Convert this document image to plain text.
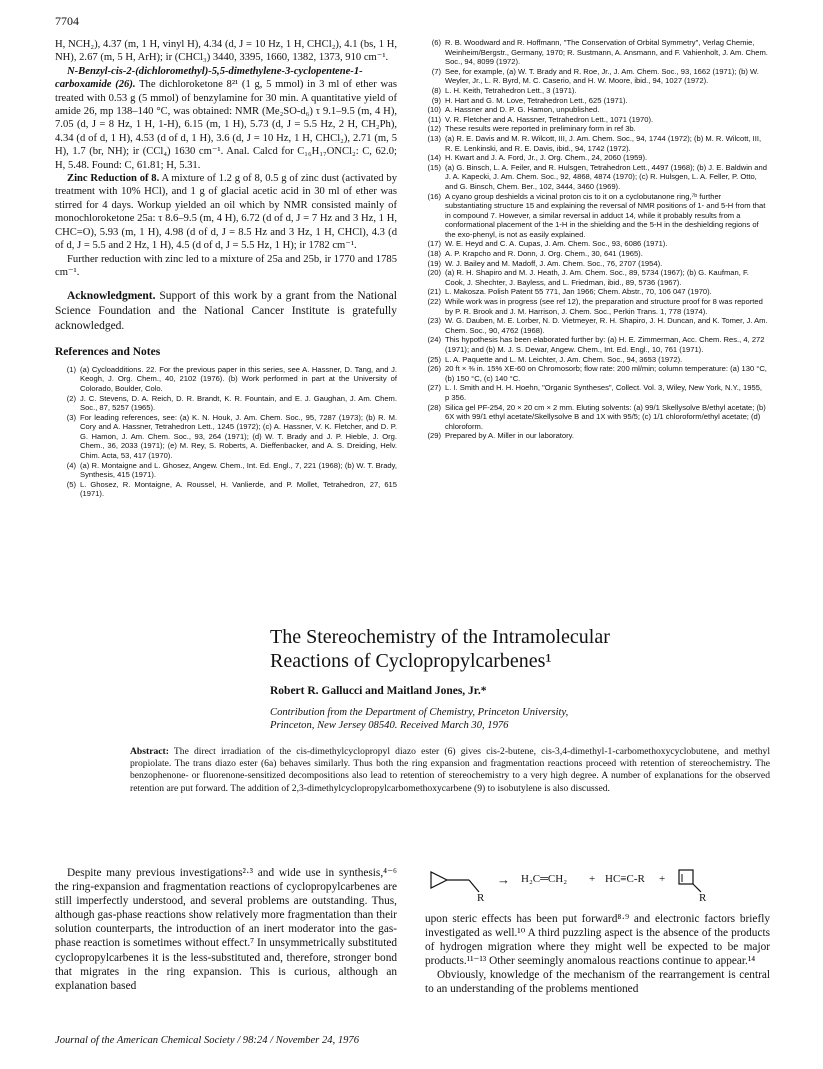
7704

H, NCH₂), 4.37 (m, 1 H, vinyl H), 4.34 (d, J = 10 Hz, 1 H, CHCl₂), 4.1 (bs, 1 H, NH), 2.67 (m, 5 H, ArH); ir (CHCl₃) 3440, 3395, 1660, 1382, 1373, 910 cm⁻¹.

N-Benzyl-cis-2-(dichloromethyl)-5,5-dimethylene-3-cyclopentene-1-carboxamide (26). The dichloroketone 8²¹ (1 g, 5 mmol) in 3 ml of ether was treated with 0.53 g (5 mmol) of benzylamine for 30 min. A quantitative yield of amide 26, mp 138–140 °C, was obtained: NMR (Me₂SO-d₆) τ 9.1–9.5 (m, 4 H), 7.05 (d, J = 8 Hz, 1 H, 1-H), 6.15 (m, 1 H), 5.73 (d, J = 5.5 Hz, 2 H, CH₂Ph), 4.34 (d of d, 1 H), 4.53 (d of d, 1 H), 3.6 (d, J = 10 Hz, 1 H, CHCl₂), 2.71 (m, 5 H), 1.7 (br, NH); ir (CCl₄) 1630 cm⁻¹. Anal. Calcd for C₁₆H₁₇ONCl₂: C, 62.0; H, 5.48. Found: C, 61.81; H, 5.31.

Zinc Reduction of 8. A mixture of 1.2 g of 8, 0.5 g of zinc dust (activated by treatment with 10% HCl), and 1 g of glacial acetic acid in 30 ml of ether was stirred for 4 days. Workup yielded an oil which by NMR consisted mainly of monochloroketone 25a: τ 8.6–9.5 (m, 4 H), 6.72 (d of d, J = 7 Hz and 3 Hz, 1 H, CHC=O), 5.93 (m, 1 H), 4.98 (d of d, J = 8.5 Hz and 3 Hz, 1 H, CHCl), 4.3 (d of d, J = 5.5 and 2 Hz, 1 H), 4.5 (d of d, J = 5.5 Hz, 1 H); ir 1782 cm⁻¹.

Further reduction with zinc led to a mixture of 25a and 25b, ir 1770 and 1785 cm⁻¹.

Acknowledgment. Support of this work by a grant from the National Science Foundation and the National Cancer Institute is gratefully acknowledged.

References and Notes
(1) (a) Cycloadditions. 22. For the previous paper in this series, see A. Hassner, D. Tang, and J. Keogh, J. Org. Chem., 40, 2102 (1976). (b) Work performed in part at the University of Colorado, Boulder, Colo.
(2) J. C. Stevens, D. A. Reich, D. R. Brandt, K. R. Fountain, and E. J. Gaughan, J. Am. Chem. Soc., 87, 5257 (1965).
(3) For leading references, see: (a) K. N. Houk, J. Am. Chem. Soc., 95, 7287 (1973); (b) R. M. Cory and A. Hassner, Tetrahedron Lett., 1245 (1972); (c) A. Hassner, V. K. Fletcher, and D. P. G. Hamon, J. Am. Chem. Soc., 93, 264 (1971); (d) W. T. Brady and J. P. Hieble, J. Org. Chem., 36, 2033 (1971); (e) M. Rey, S. Roberts, A. Dieffenbacker, and A. S. Dreiding, Helv. Chim. Acta, 53, 417 (1970).
(4) (a) R. Montaigne and L. Ghosez, Angew. Chem., Int. Ed. Engl., 7, 221 (1968); (b) W. T. Brady, Synthesis, 415 (1971).
(5) L. Ghosez, R. Montaigne, A. Roussel, H. Vanlierde, and P. Mollet, Tetrahedron, 27, 615 (1971).
(6) R. B. Woodward and R. Hoffmann, "The Conservation of Orbital Symmetry", Verlag Chemie, Weinheim/Bergstr., Germany, 1970; R. Sustmann, A. Ansmann, and F. Vahienholt, J. Am. Chem. Soc., 94, 8099 (1972).
(7) See, for example, (a) W. T. Brady and R. Roe, Jr., J. Am. Chem. Soc., 93, 1662 (1971); (b) W. Weyler, Jr., L. R. Byrd, M. C. Caserio, and H. W. Moore, ibid., 94, 1027 (1972).
(8) L. H. Keith, Tetrahedron Lett., 3 (1971).
(9) H. Hart and G. M. Love, Tetrahedron Lett., 625 (1971).
(10) A. Hassner and D. P. G. Hamon, unpublished.
(11) V. R. Fletcher and A. Hassner, Tetrahedron Lett., 1071 (1970).
(12) These results were reported in preliminary form in ref 3b.
(13) (a) R. E. Davis and M. R. Wilcott, III, J. Am. Chem. Soc., 94, 1744 (1972); (b) M. R. Wilcott, III, R. E. Lenkinski, and R. E. Davis, ibid., 94, 1742 (1972).
(14) H. Kwart and J. A. Ford, Jr., J. Org. Chem., 24, 2060 (1959).
(15) (a) G. Binsch, L. A. Feiler, and R. Hulsgen, Tetrahedron Lett., 4497 (1968); (b) J. E. Baldwin and J. A. Kapecki, J. Am. Chem. Soc., 92, 4868, 4874 (1970); (c) R. Hulsgen, L. A. Feller, P. Otto, and G. Binsch, Chem. Ber., 102, 3444, 3460 (1969).
(16) A cyano group deshields a vicinal proton cis to it on a cyclobutanone ring,⁷ᵇ further substantiating structure 15 and explaining the reversal of NMR positions of 1- and 5-H from that in compound 7. However, a similar reversal in adduct 14, while it probably results from a conformational placement of the 1-H in the shielding and the 5-H in the deshielding regions of the exo-phenyl, is not as easily explained.
(17) W. E. Heyd and C. A. Cupas, J. Am. Chem. Soc., 93, 6086 (1971).
(18) A. P. Krapcho and R. Donn, J. Org. Chem., 30, 641 (1965).
(19) W. J. Bailey and M. Madoff, J. Am. Chem. Soc., 76, 2707 (1954).
(20) (a) R. H. Shapiro and M. J. Heath, J. Am. Chem. Soc., 89, 5734 (1967); (b) G. Kaufman, F. Cook, J. Shechter, J. Bayless, and L. Friedman, ibid., 89, 5736 (1967).
(21) L. Makosza. Polish Patent 55 771, Jan 1966; Chem. Abstr., 70, 106 047 (1970).
(22) While work was in progress (see ref 12), the preparation and structure proof for 8 was reported by P. R. Brook and J. M. Harrison, J. Chem. Soc., Perkin Trans. 1, 778 (1974).
(23) W. G. Dauben, M. E. Lorber, N. D. Vietmeyer, R. H. Shapiro, J. H. Duncan, and K. Tomer, J. Am. Chem. Soc., 90, 4762 (1968).
(24) This hypothesis has been elaborated further by: (a) H. E. Zimmerman, Acc. Chem. Res., 4, 272 (1971); and (b) M. J. S. Dewar, Angew. Chem., Int. Ed. Engl., 10, 761 (1971).
(25) L. A. Paquette and L. M. Leichter, J. Am. Chem. Soc., 94, 3653 (1972).
(26) 20 ft × ⅜ in. 15% XE-60 on Chromosorb; flow rate: 200 ml/min; column temperature: (a) 130 °C, (b) 150 °C, (c) 140 °C.
(27) L. I. Smith and H. H. Hoehn, "Organic Syntheses", Collect. Vol. 3, Wiley, New York, N.Y., 1955, p 356.
(28) Silica gel PF-254, 20 × 20 cm × 2 mm. Eluting solvents: (a) 99/1 Skellysolve B/ethyl acetate; (b) 6X with 99/1 ethyl acetate/Skellysolve B and 1X with 95/5; (c) 1/1 chloroform/ethyl acetate; (d) chloroform.
(29) Prepared by A. Miller in our laboratory.
The Stereochemistry of the Intramolecular
Reactions of Cyclopropylcarbenes¹
Robert R. Gallucci and Maitland Jones, Jr.*
Contribution from the Department of Chemistry, Princeton University,
Princeton, New Jersey 08540. Received March 30, 1976
Abstract: The direct irradiation of the cis-dimethylcyclopropyl diazo ester (6) gives cis-2-butene, cis-3,4-dimethyl-1-carbomethoxycyclobutene, and methyl propiolate. The trans diazo ester (6a) behaves similarly. Thus both the ring expansion and fragmentation reactions proceed with retention of stereochemistry. The benzophenone- or fluorenone-sensitized decompositions also lead to retention of stereochemistry to a very high degree. A number of explanations for the observed retention are put forward. The addition of 2,3-dimethylcyclopropylcarbomethoxycarbene (9) to isobutylene is also discussed.

Despite many previous investigations²·³ and wide use in synthesis,⁴⁻⁶ the ring-expansion and fragmentation reactions of cyclopropylcarbenes are still imperfectly understood, and several problems are outstanding. Thus, although gas-phase reactions show relatively more fragmentation than their solution counterparts, the introduction of an inert moderator into the gas-phase reaction is sometimes without effect.⁷ In unsymmetrically substituted cyclopropylcarbenes it is the less-substituted and, therefore, stronger bond that migrates in the ring expansion. This is curious, although an explanation based

R
→ H₂C═CH₂ + HC≡C-R +
R

upon steric effects has been put forward⁸·⁹ and electronic factors briefly investigated as well.¹⁰ A third puzzling aspect is the absence of the products of hydrogen migration where they might well be expected to be major products.¹¹⁻¹³ Other seemingly anomalous reactions continue to appear.¹⁴

Obviously, knowledge of the mechanism of the rearrangement is central to an understanding of the problems mentioned

Journal of the American Chemical Society / 98:24 / November 24, 1976
